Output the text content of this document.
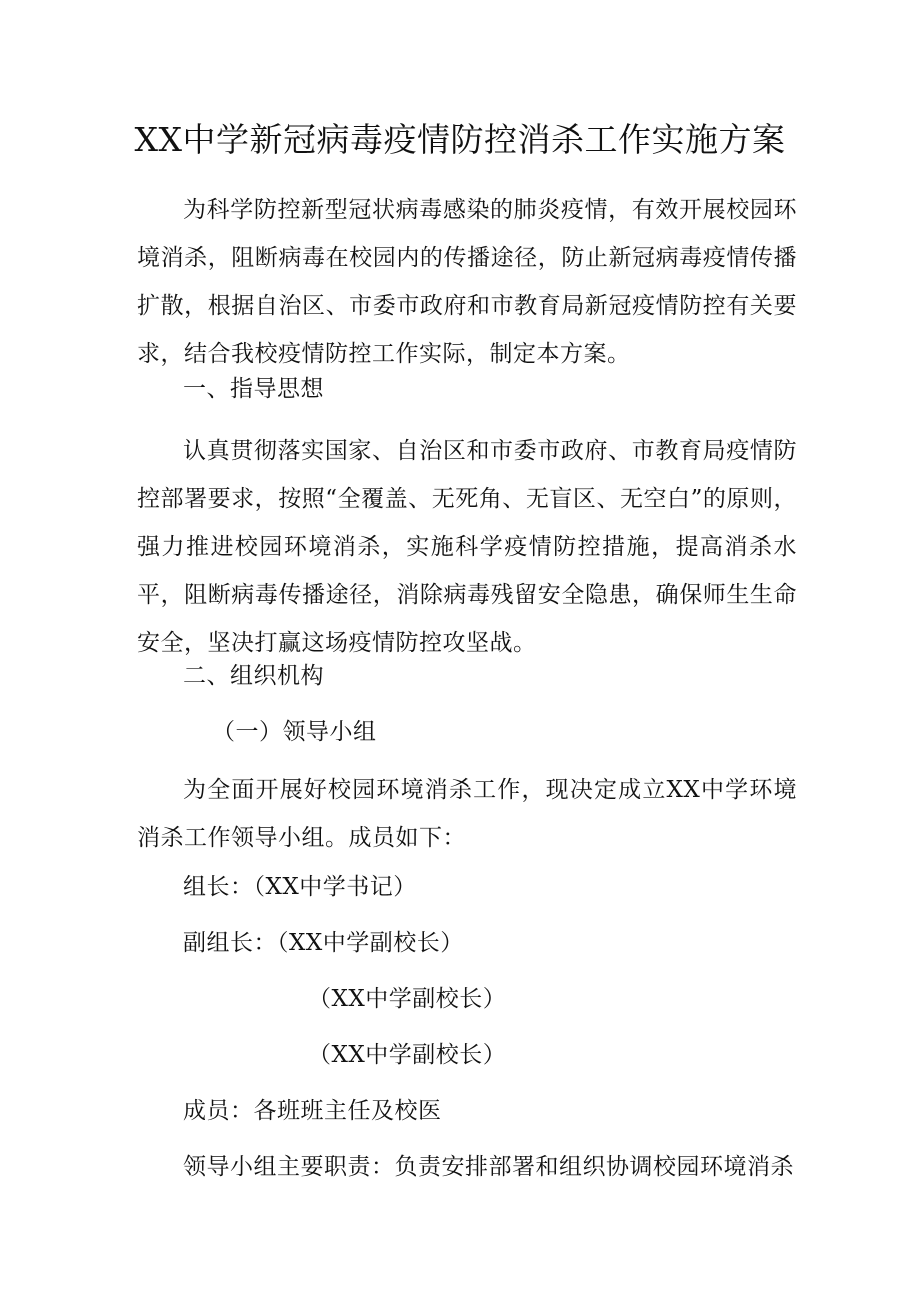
XX中学新冠病毒疫情防控消杀工作实施方案
为科学防控新型冠状病毒感染的肺炎疫情，有效开展校园环境消杀，阻断病毒在校园内的传播途径，防止新冠病毒疫情传播扩散，根据自治区、市委市政府和市教育局新冠疫情防控有关要求，结合我校疫情防控工作实际，制定本方案。
一、指导思想
认真贯彻落实国家、自治区和市委市政府、市教育局疫情防控部署要求，按照“全覆盖、无死角、无盲区、无空白”的原则，强力推进校园环境消杀，实施科学疫情防控措施，提高消杀水平，阻断病毒传播途径，消除病毒残留安全隐患，确保师生生命安全，坚决打赢这场疫情防控攻坚战。
二、组织机构
（一）领导小组
为全面开展好校园环境消杀工作，现决定成立XX中学环境消杀工作领导小组。成员如下：
组长：（XX中学书记）
副组长：（XX中学副校长）
（XX中学副校长）
（XX中学副校长）
成员：各班班主任及校医
领导小组主要职责：负责安排部署和组织协调校园环境消杀
